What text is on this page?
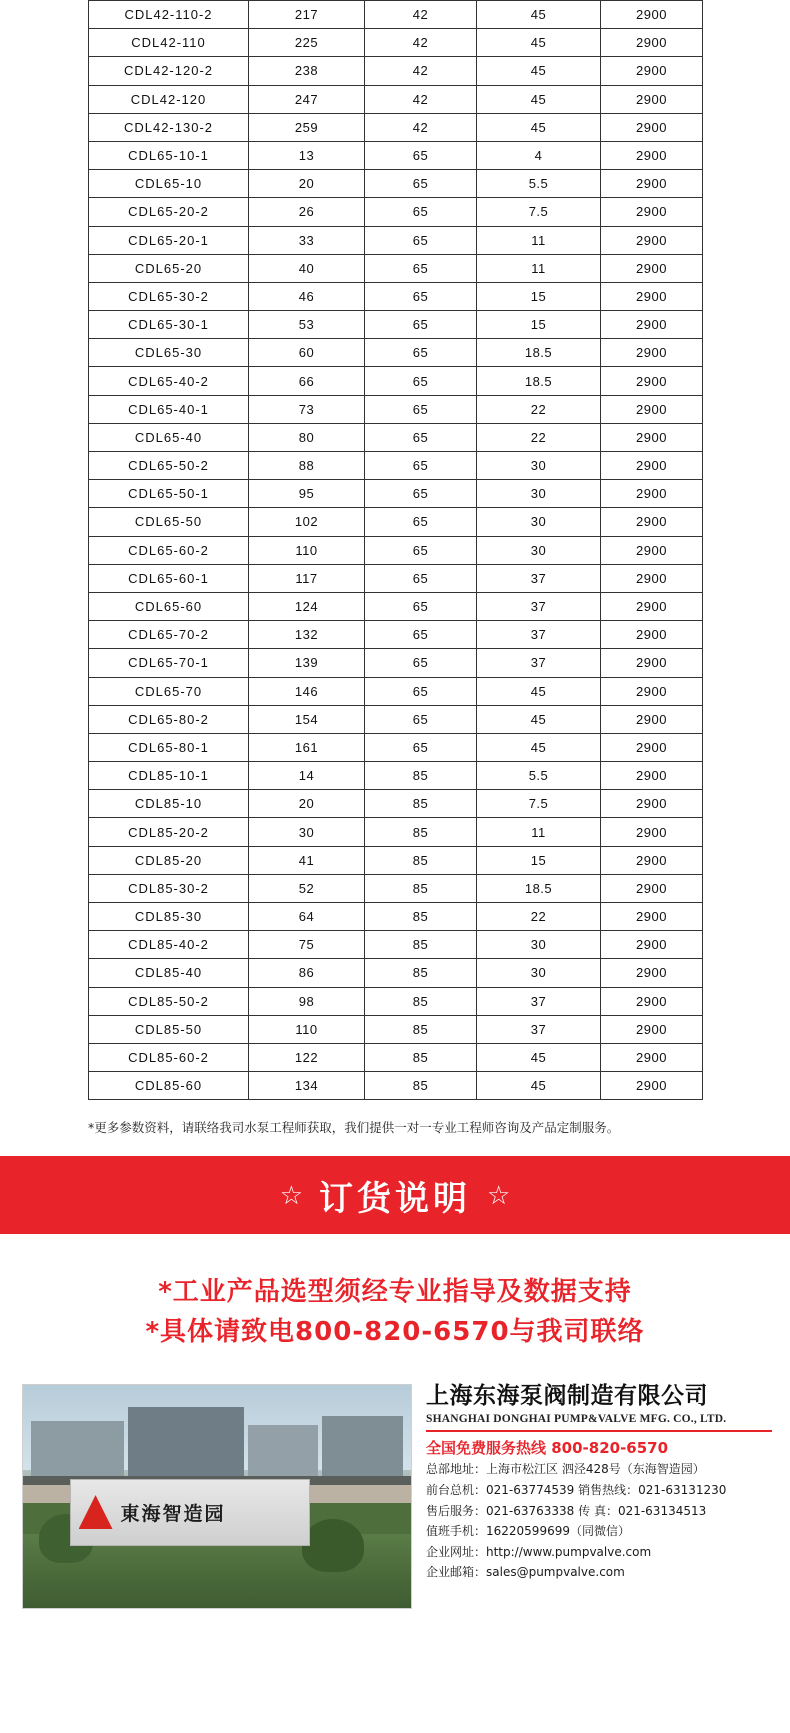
CDL42-110-2	217	42	45	2900
CDL42-110	225	42	45	2900
CDL42-120-2	238	42	45	2900
CDL42-120	247	42	45	2900
CDL42-130-2	259	42	45	2900
CDL65-10-1	13	65	4	2900
CDL65-10	20	65	5.5	2900
CDL65-20-2	26	65	7.5	2900
CDL65-20-1	33	65	11	2900
CDL65-20	40	65	11	2900
CDL65-30-2	46	65	15	2900
CDL65-30-1	53	65	15	2900
CDL65-30	60	65	18.5	2900
CDL65-40-2	66	65	18.5	2900
CDL65-40-1	73	65	22	2900
CDL65-40	80	65	22	2900
CDL65-50-2	88	65	30	2900
CDL65-50-1	95	65	30	2900
CDL65-50	102	65	30	2900
CDL65-60-2	110	65	30	2900
CDL65-60-1	117	65	37	2900
CDL65-60	124	65	37	2900
CDL65-70-2	132	65	37	2900
CDL65-70-1	139	65	37	2900
CDL65-70	146	65	45	2900
CDL65-80-2	154	65	45	2900
CDL65-80-1	161	65	45	2900
CDL85-10-1	14	85	5.5	2900
CDL85-10	20	85	7.5	2900
CDL85-20-2	30	85	11	2900
CDL85-20	41	85	15	2900
CDL85-30-2	52	85	18.5	2900
CDL85-30	64	85	22	2900
CDL85-40-2	75	85	30	2900
CDL85-40	86	85	30	2900
CDL85-50-2	98	85	37	2900
CDL85-50	110	85	37	2900
CDL85-60-2	122	85	45	2900
CDL85-60	134	85	45	2900
*更多参数资料，请联络我司水泵工程师获取，我们提供一对一专业工程师咨询及产品定制服务。
☆ 订货说明 ☆
*工业产品选型须经专业指导及数据支持
*具体请致电800-820-6570与我司联络
東海智造园
上海东海泵阀制造有限公司
SHANGHAI DONGHAI PUMP&VALVE MFG. CO., LTD.
全国免费服务热线 800-820-6570
总部地址：上海市松江区 泗泾428号（东海智造园）
前台总机：021-63774539 销售热线：021-63131230
售后服务：021-63763338 传 真：021-63134513
值班手机：16220599699（同微信）
企业网址：http://www.pumpvalve.com
企业邮箱：sales@pumpvalve.com
